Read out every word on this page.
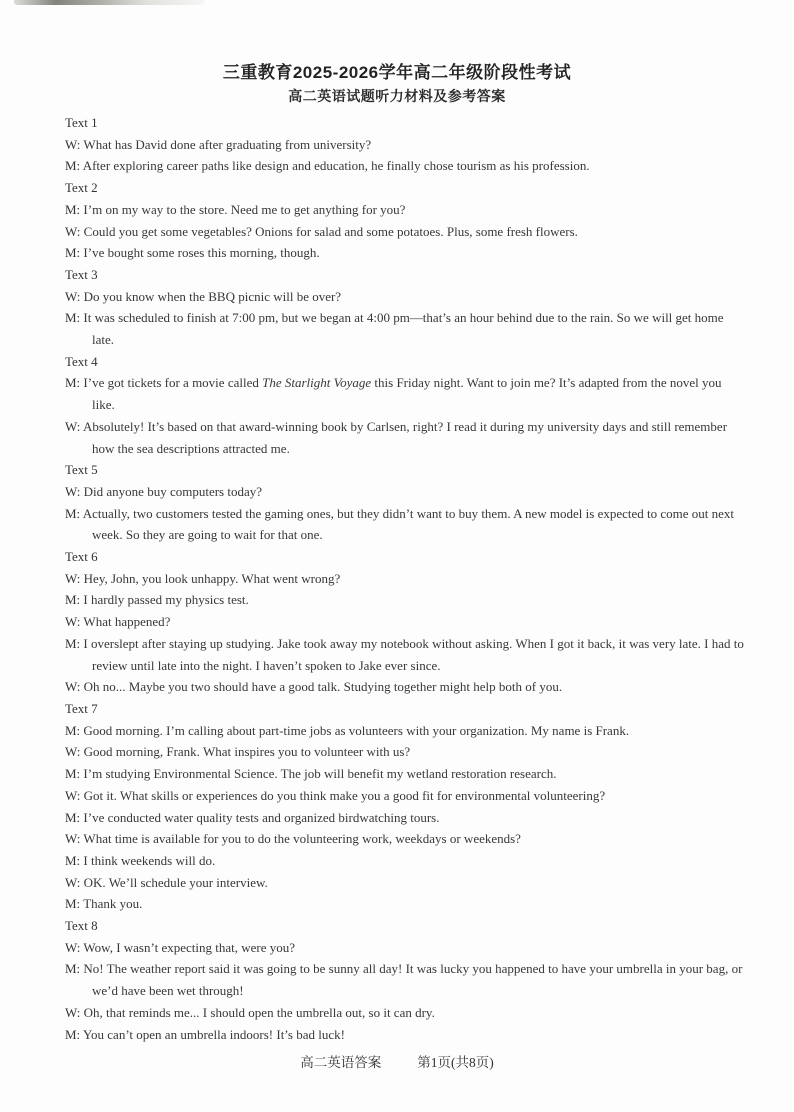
三重教育2025-2026学年高二年级阶段性考试
高二英语试题听力材料及参考答案
Text 1
W: What has David done after graduating from university?
M: After exploring career paths like design and education, he finally chose tourism as his profession.
Text 2
M: I’m on my way to the store. Need me to get anything for you?
W: Could you get some vegetables? Onions for salad and some potatoes. Plus, some fresh flowers.
M: I’ve bought some roses this morning, though.
Text 3
W: Do you know when the BBQ picnic will be over?
M: It was scheduled to finish at 7:00 pm, but we began at 4:00 pm—that’s an hour behind due to the rain. So we will get home late.
Text 4
M: I’ve got tickets for a movie called The Starlight Voyage this Friday night. Want to join me? It’s adapted from the novel you like.
W: Absolutely! It’s based on that award-winning book by Carlsen, right? I read it during my university days and still remember how the sea descriptions attracted me.
Text 5
W: Did anyone buy computers today?
M: Actually, two customers tested the gaming ones, but they didn’t want to buy them. A new model is expected to come out next week. So they are going to wait for that one.
Text 6
W: Hey, John, you look unhappy. What went wrong?
M: I hardly passed my physics test.
W: What happened?
M: I overslept after staying up studying. Jake took away my notebook without asking. When I got it back, it was very late. I had to review until late into the night. I haven’t spoken to Jake ever since.
W: Oh no... Maybe you two should have a good talk. Studying together might help both of you.
Text 7
M: Good morning. I’m calling about part-time jobs as volunteers with your organization. My name is Frank.
W: Good morning, Frank. What inspires you to volunteer with us?
M: I’m studying Environmental Science. The job will benefit my wetland restoration research.
W: Got it. What skills or experiences do you think make you a good fit for environmental volunteering?
M: I’ve conducted water quality tests and organized birdwatching tours.
W: What time is available for you to do the volunteering work, weekdays or weekends?
M: I think weekends will do.
W: OK. We’ll schedule your interview.
M: Thank you.
Text 8
W: Wow, I wasn’t expecting that, were you?
M: No! The weather report said it was going to be sunny all day! It was lucky you happened to have your umbrella in your bag, or we’d have been wet through!
W: Oh, that reminds me... I should open the umbrella out, so it can dry.
M: You can’t open an umbrella indoors! It’s bad luck!
高二英语答案	第1页(共8页)
